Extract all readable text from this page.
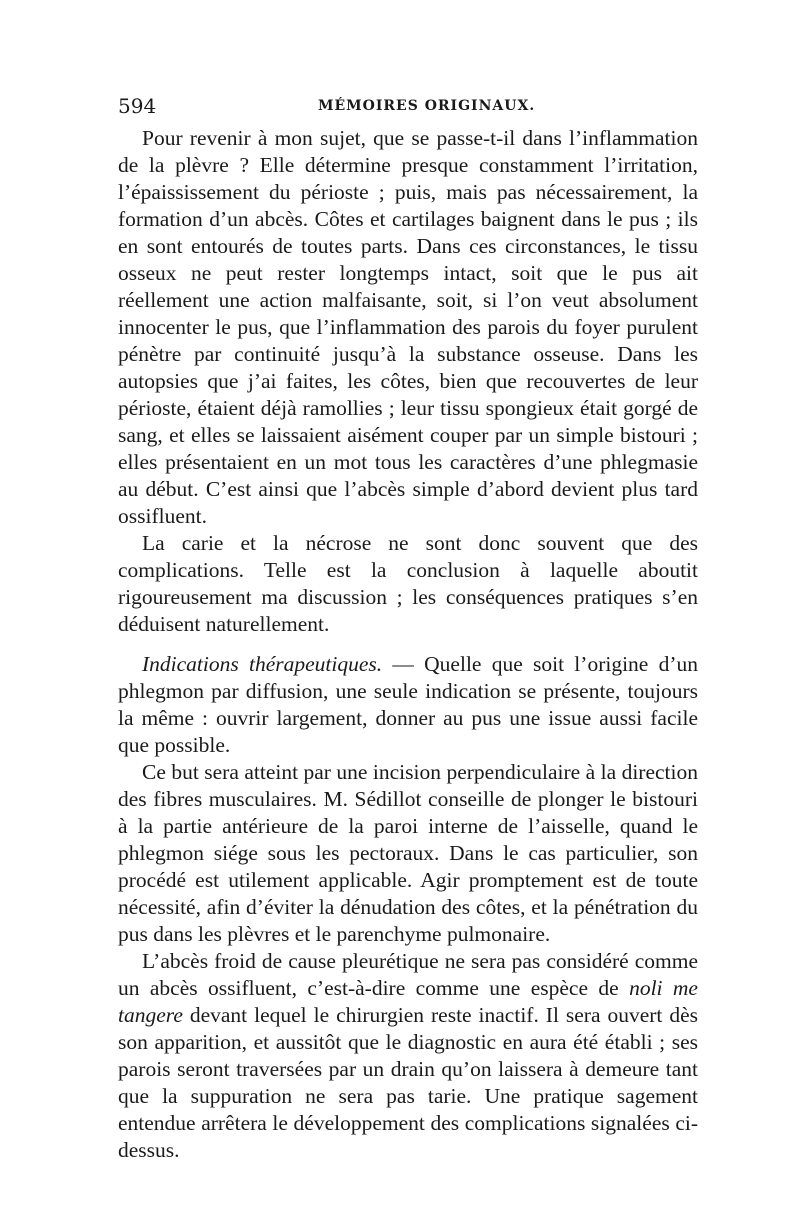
594	MÉMOIRES ORIGINAUX.

Pour revenir à mon sujet, que se passe-t-il dans l’inflammation de la plèvre ? Elle détermine presque constamment l’irritation, l’épaississement du périoste ; puis, mais pas nécessairement, la formation d’un abcès. Côtes et cartilages baignent dans le pus ; ils en sont entourés de toutes parts. Dans ces circonstances, le tissu osseux ne peut rester longtemps intact, soit que le pus ait réellement une action malfaisante, soit, si l’on veut absolument innocenter le pus, que l’inflammation des parois du foyer purulent pénètre par continuité jusqu’à la substance osseuse. Dans les autopsies que j’ai faites, les côtes, bien que recouvertes de leur périoste, étaient déjà ramollies ; leur tissu spongieux était gorgé de sang, et elles se laissaient aisément couper par un simple bistouri ; elles présentaient en un mot tous les caractères d’une phlegmasie au début. C’est ainsi que l’abcès simple d’abord devient plus tard ossifluent.

La carie et la nécrose ne sont donc souvent que des complications. Telle est la conclusion à laquelle aboutit rigoureusement ma discussion ; les conséquences pratiques s’en déduisent naturellement.

Indications thérapeutiques. — Quelle que soit l’origine d’un phlegmon par diffusion, une seule indication se présente, toujours la même : ouvrir largement, donner au pus une issue aussi facile que possible.

Ce but sera atteint par une incision perpendiculaire à la direction des fibres musculaires. M. Sédillot conseille de plonger le bistouri à la partie antérieure de la paroi interne de l’aisselle, quand le phlegmon siége sous les pectoraux. Dans le cas particulier, son procédé est utilement applicable. Agir promptement est de toute nécessité, afin d’éviter la dénudation des côtes, et la pénétration du pus dans les plèvres et le parenchyme pulmonaire.

L’abcès froid de cause pleurétique ne sera pas considéré comme un abcès ossifluent, c’est-à-dire comme une espèce de noli me tangere devant lequel le chirurgien reste inactif. Il sera ouvert dès son apparition, et aussitôt que le diagnostic en aura été établi ; ses parois seront traversées par un drain qu’on laissera à demeure tant que la suppuration ne sera pas tarie. Une pratique sagement entendue arrêtera le développement des complications signalées ci-dessus.
